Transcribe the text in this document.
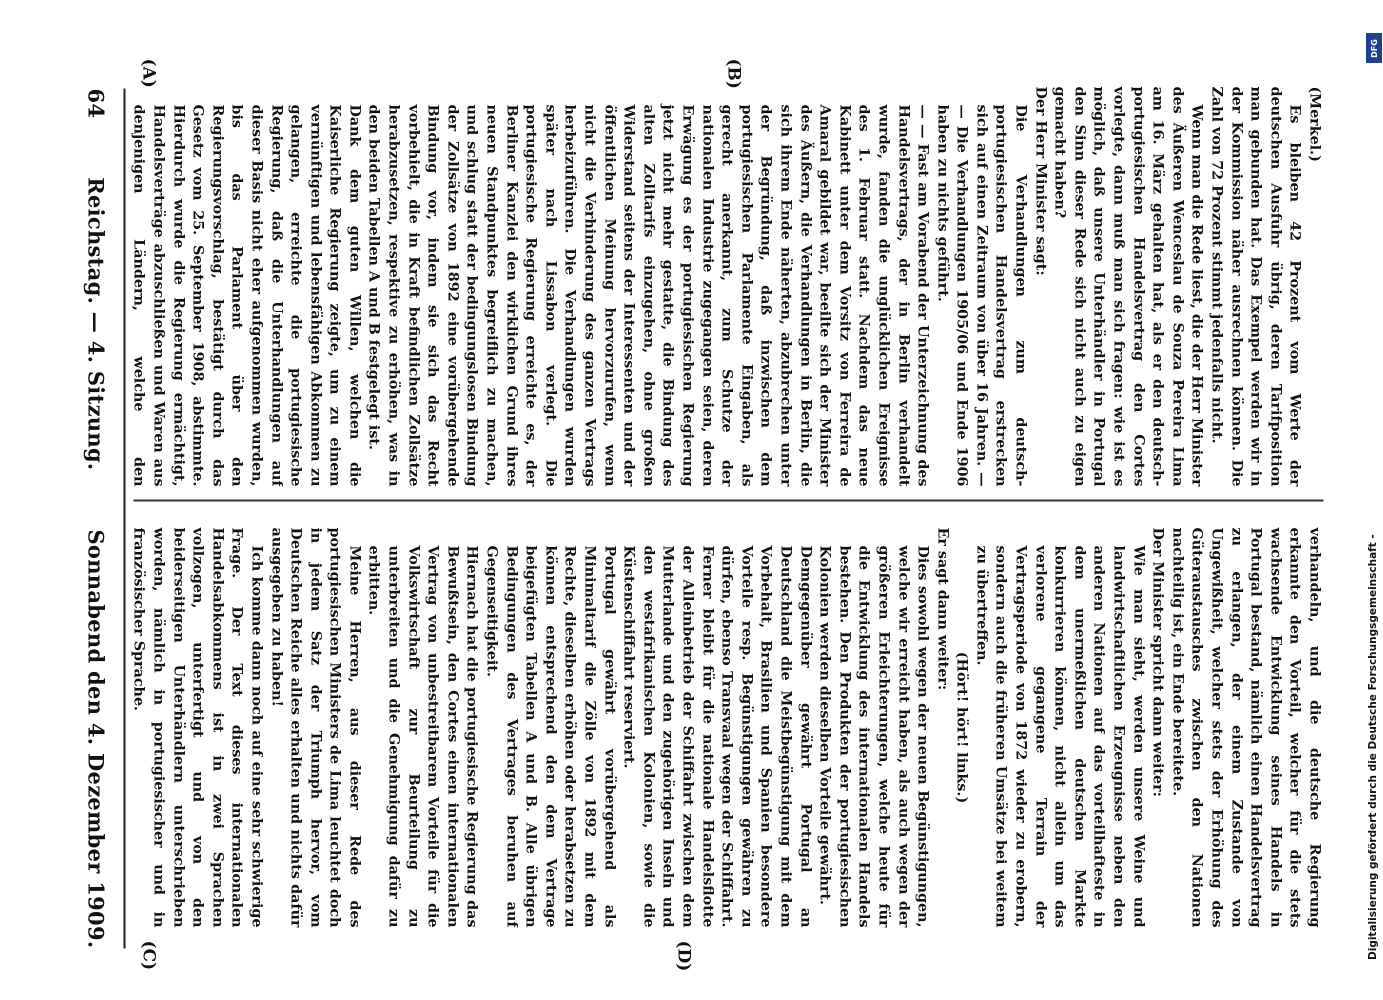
64
Reichstag. — 4. Sitzung.
Sonnabend den 4. Dezember 1909.
(A)	(B)
(C)	(D)

(Merkel.)

Es bleiben 42 Prozent vom Werte der deutschen Ausfuhr übrig, deren Tarifposition man gebunden hat. Das Exempel werden wir in der Kommission näher ausrechnen können. Die Zahl von 72 Prozent stimmt jedenfalls nicht.

Wenn man die Rede liest, die der Herr Minister des Äußeren Wenceslau de Souza Pereira Lima am 16. März gehalten hat, als er den deutsch-portugiesischen Handelsvertrag den Cortes vorlegte, dann muß man sich fragen: wie ist es möglich, daß unsere Unterhändler in Portugal den Sinn dieser Rede sich nicht auch zu eigen gemacht haben?

Der Herr Minister sagt:

Die Verhandlungen zum deutsch-portugiesischen Handelsvertrag erstrecken sich auf einen Zeitraum von über 16 Jahren. — — Die Verhandlungen 1905/06 und Ende 1906 haben zu nichts geführt.

— — Fast am Vorabend der Unterzeichnung des Handelsvertrags, der in Berlin verhandelt wurde, fanden die unglücklichen Ereignisse des 1. Februar statt. Nachdem das neue Kabinett unter dem Vorsitz von Ferreira de Amaral gebildet war, beeilte sich der Minister des Äußern, die Verhandlungen in Berlin, die sich ihrem Ende näherten, abzubrechen unter der Begründung, daß inzwischen dem portugiesischen Parlamente Eingaben, als gerecht anerkannt, zum Schutze der nationalen Industrie zugegangen seien, deren Erwägung es der portugiesischen Regierung jetzt nicht mehr gestatte, die Bindung des alten Zolltarifs einzugehen, ohne großen Widerstand seitens der Interessenten und der öffentlichen Meinung hervorzurufen, wenn nicht die Verhinderung des ganzen Vertrags herbeizuführen. Die Verhandlungen wurden später nach Lissabon verlegt. Die portugiesische Regierung erreichte es, der Berliner Kanzlei den wirklichen Grund ihres neuen Standpunktes begreiflich zu machen, und schlug statt der bedingungslosen Bindung der Zollsätze von 1892 eine vorübergehende Bindung vor, indem sie sich das Recht vorbehielt, die in Kraft befindlichen Zollsätze herabzusetzen, respektive zu erhöhen, was in den beiden Tabellen A und B festgelegt ist.

Dank dem guten Willen, welchen die Kaiserliche Regierung zeigte, um zu einem vernünftigen und lebensfähigen Abkommen zu gelangen, erreichte die portugiesische Regierung, daß die Unterhandlungen auf dieser Basis nicht eher aufgenommen wurden, bis das Parlament über den Regierungsvorschlag, bestätigt durch das Gesetz vom 25. September 1908, abstimmte. Hierdurch wurde die Regierung ermächtigt, Handelsverträge abzuschließen und Waren aus denjenigen Ländern, welche den

verhandeln, und die deutsche Regierung erkannte den Vorteil, welcher für die stets wachsende Entwicklung seines Handels in Portugal bestand, nämlich einen Handelsvertrag zu erlangen, der einem Zustande von Ungewißheit, welcher stets der Erhöhung des Güteraustausches zwischen den Nationen nachteilig ist, ein Ende bereitete.

Der Minister spricht dann weiter:

Wie man sieht, werden unsere Weine und landwirtschaftlichen Erzeugnisse neben den anderen Nationen auf das vorteilhafteste in dem unermeßlichen deutschen Markte konkurrieren können, nicht allein um das verlorene gegangene Terrain der Vertragsperiode von 1872 wieder zu erobern, sondern auch die früheren Umsätze bei weitem zu übertreffen.

(Hört! hört! links.)

Er sagt dann weiter:

Dies sowohl wegen der neuen Begünstigungen, welche wir erreicht haben, als auch wegen der größeren Erleichterungen, welche heute für die Entwicklung des internationalen Handels bestehen. Den Produkten der portugiesischen Kolonien werden dieselben Vorteile gewährt.

Demgegenüber gewährt Portugal an Deutschland die Meistbegünstigung mit dem Vorbehalt, Brasilien und Spanien besondere Vorteile resp. Begünstigungen gewähren zu dürfen, ebenso Transvaal wegen der Schiffahrt. Ferner bleibt für die nationale Handelsflotte der Alleinbetrieb der Schiffahrt zwischen dem Mutterlande und den zugehörigen Inseln und den westafrikanischen Kolonien, sowie die Küstenschiffahrt reserviert.

Portugal gewährt vorübergehend als Minimaltarif die Zölle von 1892 mit dem Rechte, dieselben erhöhen oder herabsetzen zu können entsprechend den dem Vertrage beigefügten Tabellen A und B. Alle übrigen Bedingungen des Vertrages beruhen auf Gegenseitigkeit.

Hiernach hat die portugiesische Regierung das Bewußtsein, den Cortes einen internationalen Vertrag von unbestreitbarem Vorteile für die Volkswirtschaft zur Beurteilung zu unterbreiten und die Genehmigung dafür zu erbitten.

Meine Herren, aus dieser Rede des portugiesischen Ministers de Lima leuchtet doch in jedem Satz der Triumph hervor, vom Deutschen Reiche alles erhalten und nichts dafür ausgegeben zu haben!

Ich komme dann noch auf eine sehr schwierige Frage. Der Text dieses internationalen Handelsabkommens ist in zwei Sprachen vollzogen, unterfertigt und von den beiderseitigen Unterhändlern unterschrieben worden, nämlich in portugiesischer und in französischer Sprache.

DFG
Digitalisierung gefördert durch die Deutsche Forschungsgemeinschaft -
